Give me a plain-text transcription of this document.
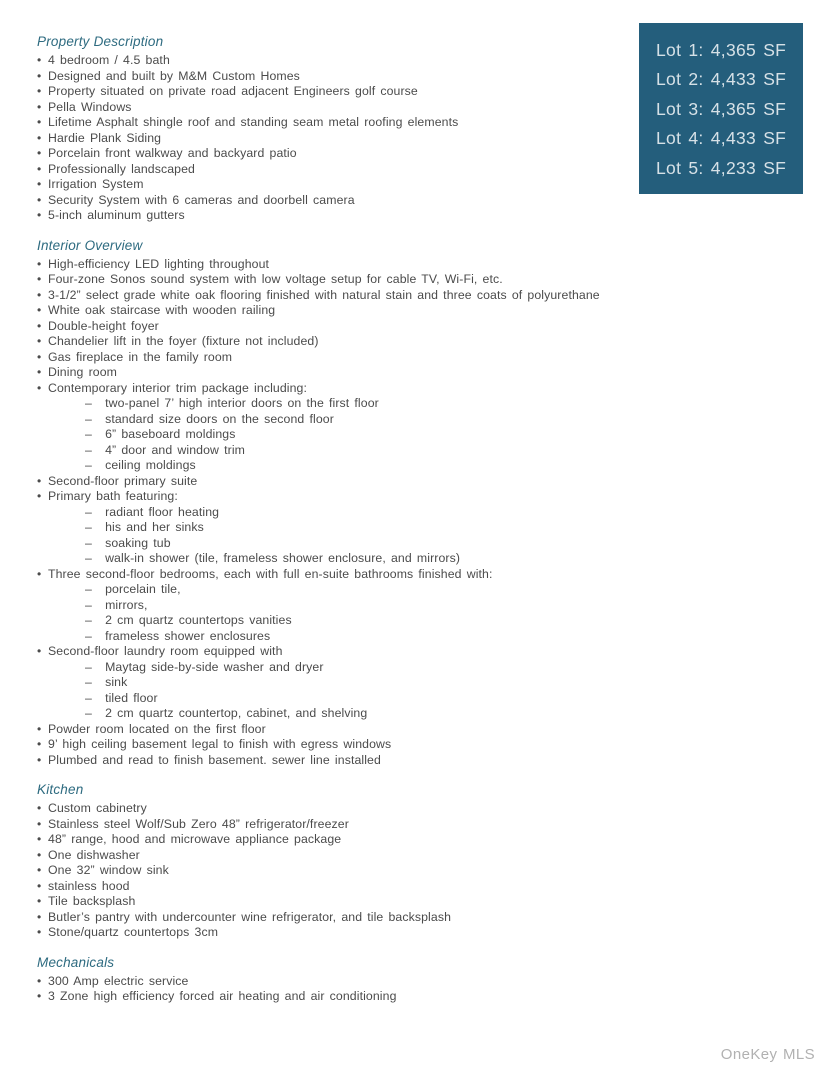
Lot 1: 4,365 SF
Lot 2: 4,433 SF
Lot 3: 4,365 SF
Lot 4: 4,433 SF
Lot 5: 4,233 SF
Property Description
• 4 bedroom / 4.5 bath
• Designed and built by M&M Custom Homes
• Property situated on private road adjacent Engineers golf course
• Pella Windows
• Lifetime Asphalt shingle roof and standing seam metal roofing elements
• Hardie Plank Siding
• Porcelain front walkway and backyard patio
• Professionally landscaped
• Irrigation System
• Security System with 6 cameras and doorbell camera
• 5-inch aluminum gutters
Interior Overview
• High-efficiency LED lighting throughout
• Four-zone Sonos sound system with low voltage setup for cable TV, Wi-Fi, etc.
• 3-1/2” select grade white oak flooring finished with natural stain and three coats of polyurethane
• White oak staircase with wooden railing
• Double-height foyer
• Chandelier lift in the foyer (fixture not included)
• Gas fireplace in the family room
• Dining room
• Contemporary interior trim package including:
– two-panel 7’ high interior doors on the first floor
– standard size doors on the second floor
– 6” baseboard moldings
– 4” door and window trim
– ceiling moldings
• Second-floor primary suite
• Primary bath featuring:
– radiant floor heating
– his and her sinks
– soaking tub
– walk-in shower (tile, frameless shower enclosure, and mirrors)
• Three second-floor bedrooms, each with full en-suite bathrooms finished with:
– porcelain tile,
– mirrors,
– 2 cm quartz countertops vanities
– frameless shower enclosures
• Second-floor laundry room equipped with
– Maytag side-by-side washer and dryer
– sink
– tiled floor
– 2 cm quartz countertop, cabinet, and shelving
• Powder room located on the first floor
• 9’ high ceiling basement legal to finish with egress windows
• Plumbed and read to finish basement. sewer line installed
Kitchen
• Custom cabinetry
• Stainless steel Wolf/Sub Zero 48” refrigerator/freezer
• 48” range, hood and microwave appliance package
• One dishwasher
• One 32” window sink
• stainless hood
• Tile backsplash
• Butler’s pantry with undercounter wine refrigerator, and tile backsplash
• Stone/quartz countertops 3cm
Mechanicals
• 300 Amp electric service
• 3 Zone high efficiency forced air heating and air conditioning
OneKey MLS
